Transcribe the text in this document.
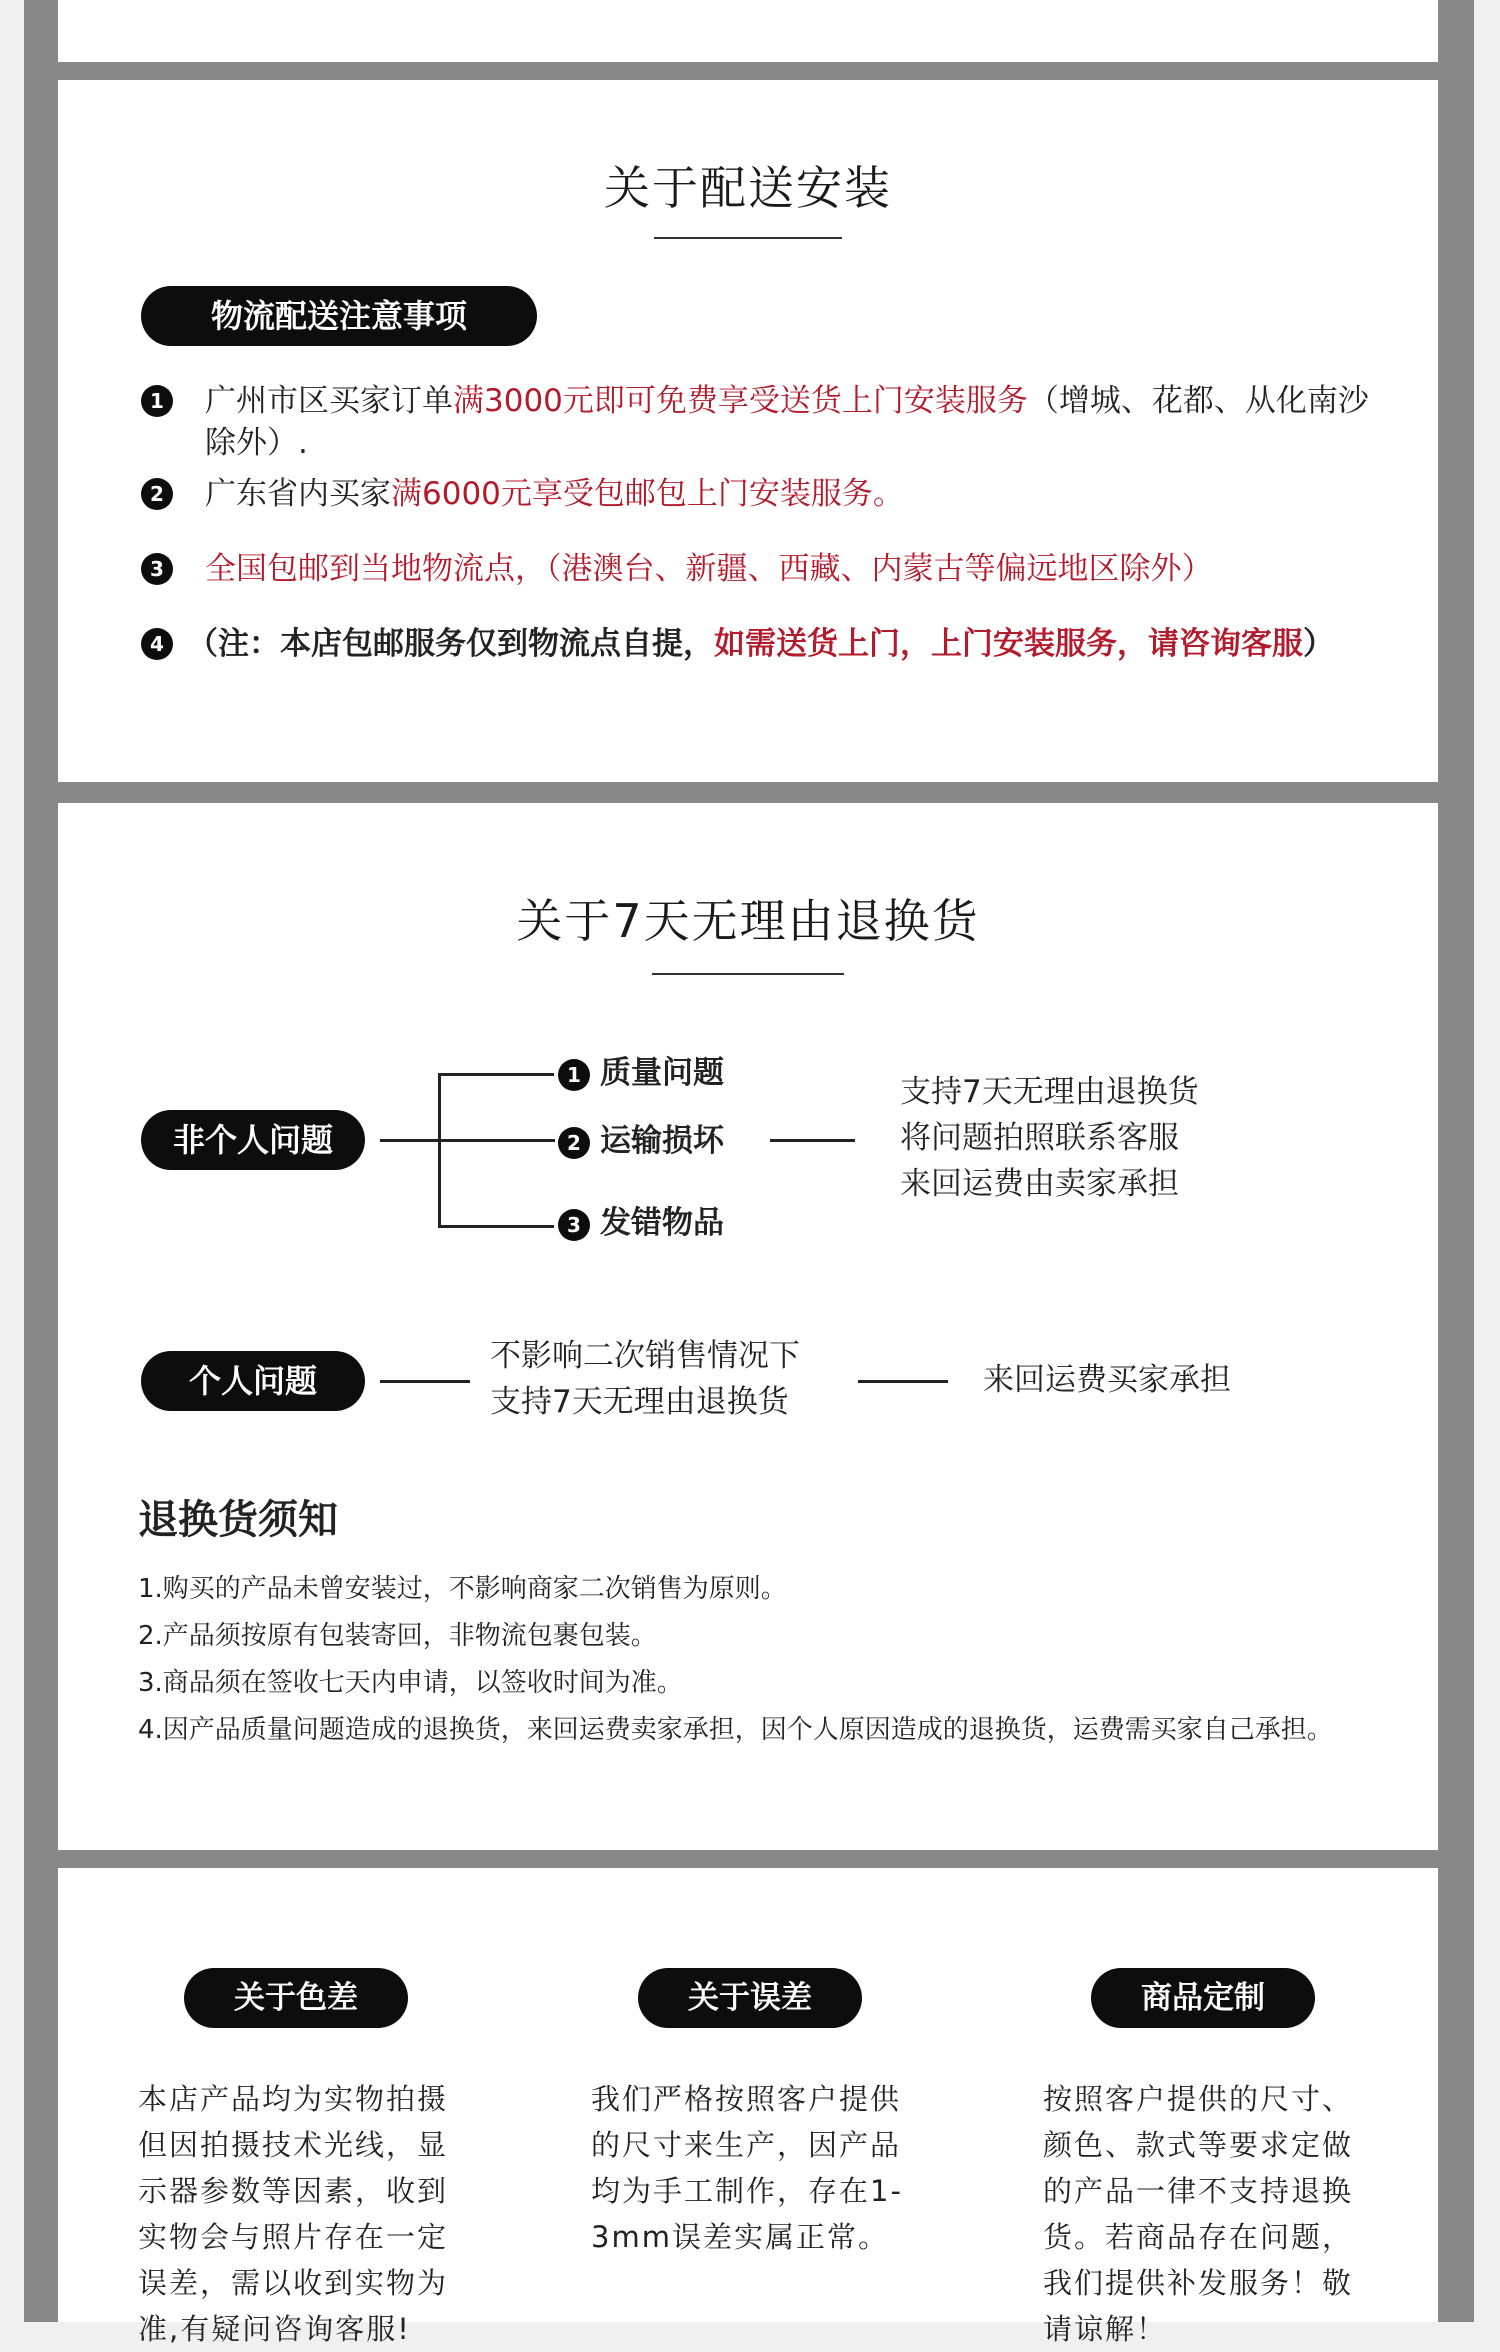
关于配送安装
物流配送注意事项
1 广州市区买家订单满3000元即可免费享受送货上门安装服务（增城、花都、从化南沙除外）.
2 广东省内买家满6000元享受包邮包上门安装服务。
3 全国包邮到当地物流点，（港澳台、新疆、西藏、内蒙古等偏远地区除外）
4 （注：本店包邮服务仅到物流点自提，如需送货上门，上门安装服务，请咨询客服）
关于7天无理由退换货
非个人问题
1 质量问题
2 运输损坏
3 发错物品
支持7天无理由退换货
将问题拍照联系客服
来回运费由卖家承担
个人问题
不影响二次销售情况下
支持7天无理由退换货
来回运费买家承担
退换货须知
1.购买的产品未曾安装过，不影响商家二次销售为原则。
2.产品须按原有包装寄回，非物流包裹包装。
3.商品须在签收七天内申请，以签收时间为准。
4.因产品质量问题造成的退换货，来回运费卖家承担，因个人原因造成的退换货，运费需买家自己承担。
关于色差
本店产品均为实物拍摄但因拍摄技术光线，显示器参数等因素，收到实物会与照片存在一定误差，需以收到实物为准,有疑问咨询客服!
关于误差
我们严格按照客户提供的尺寸来生产，因产品均为手工制作，存在1-3mm误差实属正常。
商品定制
按照客户提供的尺寸、颜色、款式等要求定做的产品一律不支持退换货。若商品存在问题，我们提供补发服务！敬请谅解！
